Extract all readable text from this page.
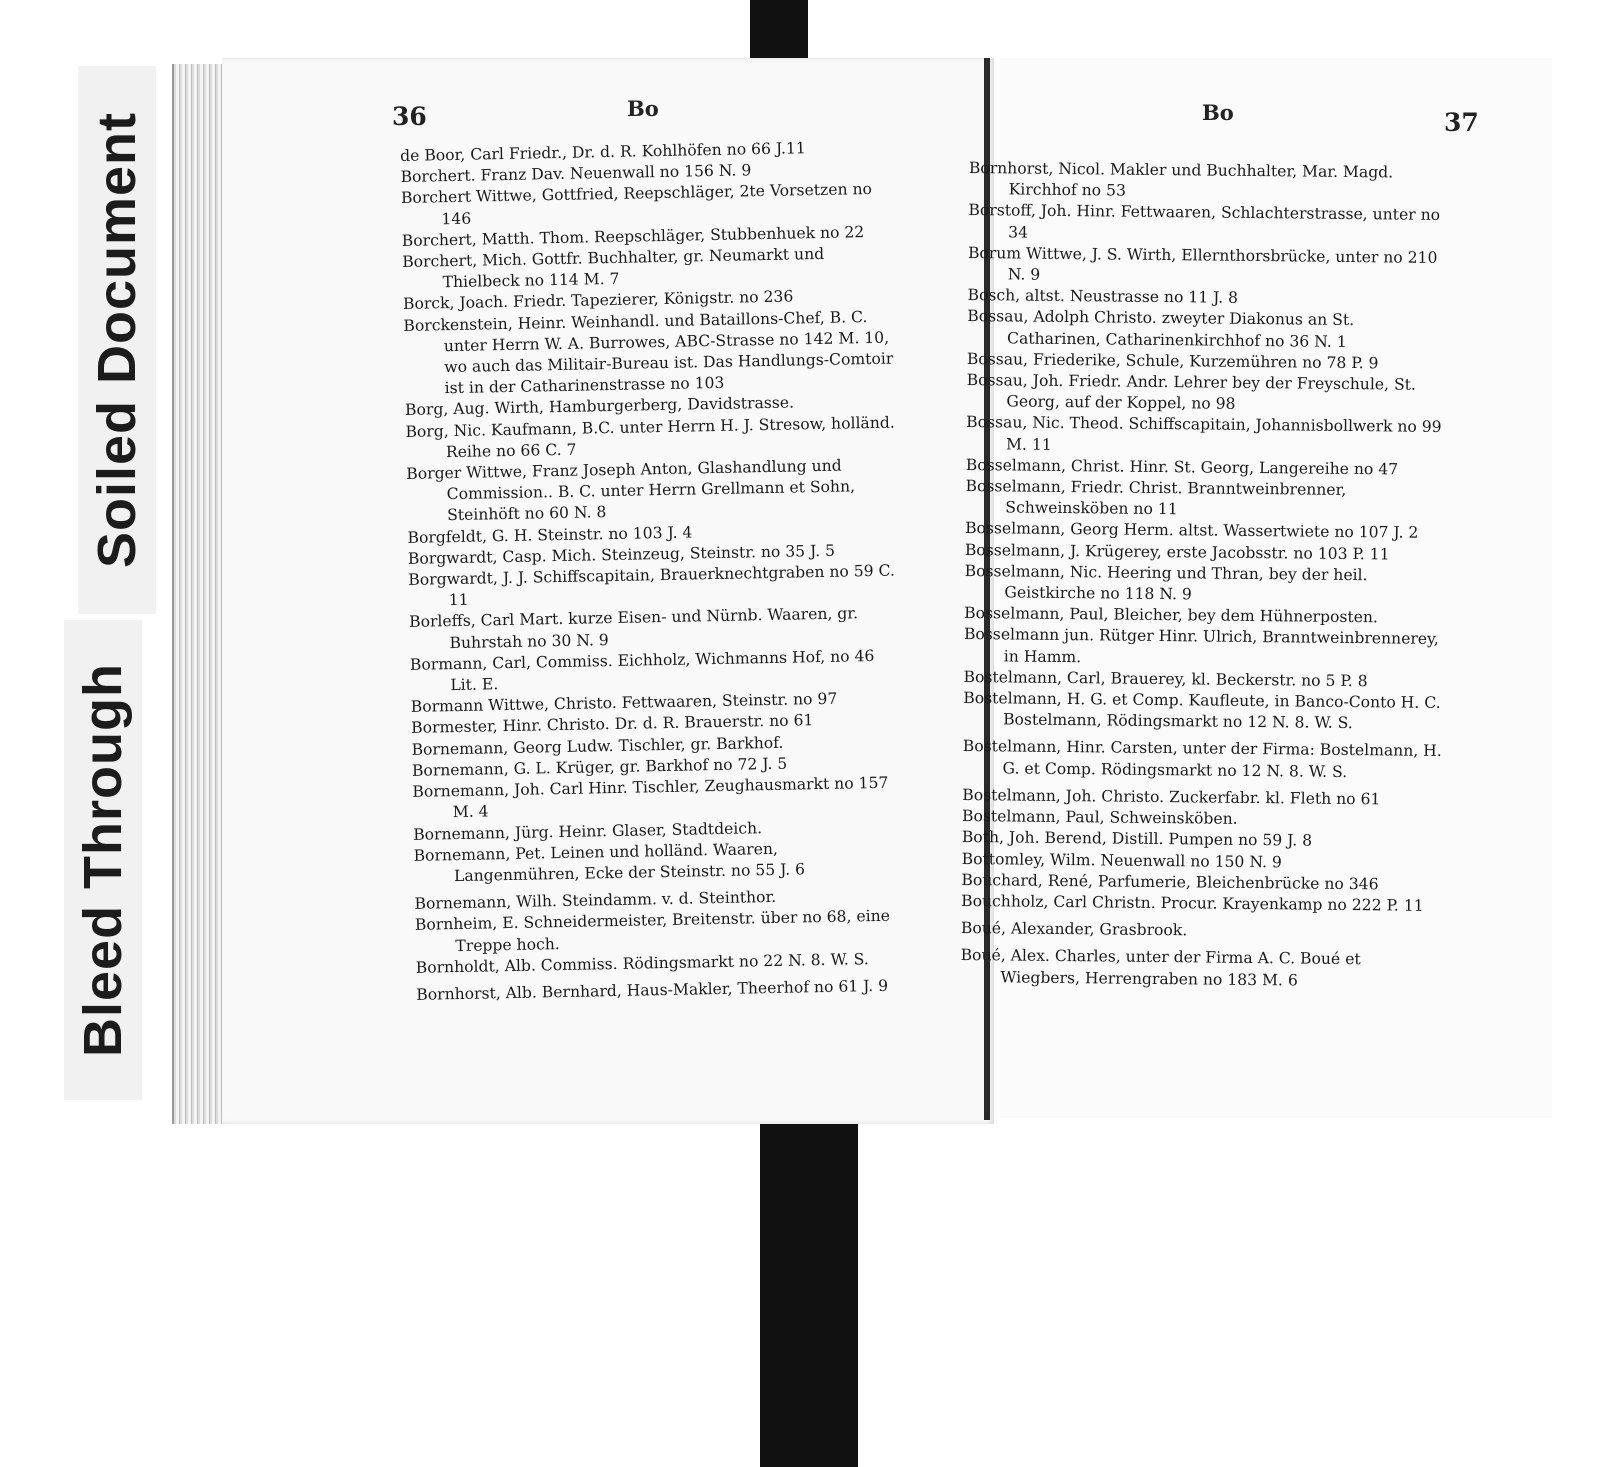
Soiled Document
Bleed Through
36	Bo

de Boor, Carl Friedr., Dr. d. R. Kohlhöfen no 66 J.11

Borchert. Franz Dav. Neuenwall no 156 N. 9

Borchert Wittwe, Gottfried, Reepschläger, 2te Vorsetzen no 146

Borchert, Matth. Thom. Reepschläger, Stubbenhuek no 22

Borchert, Mich. Gottfr. Buchhalter, gr. Neumarkt und Thielbeck no 114 M. 7

Borck, Joach. Friedr. Tapezierer, Königstr. no 236

Borckenstein, Heinr. Weinhandl. und Bataillons-Chef, B. C. unter Herrn W. A. Burrowes, ABC-Strasse no 142 M. 10, wo auch das Militair-Bureau ist. Das Handlungs-Comtoir ist in der Catharinenstrasse no 103

Borg, Aug. Wirth, Hamburgerberg, Davidstrasse.

Borg, Nic. Kaufmann, B.C. unter Herrn H. J. Stresow, holländ. Reihe no 66 C. 7

Borger Wittwe, Franz Joseph Anton, Glashandlung und Commission.. B. C. unter Herrn Grellmann et Sohn, Steinhöft no 60 N. 8

Borgfeldt, G. H. Steinstr. no 103 J. 4

Borgwardt, Casp. Mich. Steinzeug, Steinstr. no 35 J. 5

Borgwardt, J. J. Schiffscapitain, Brauerknechtgraben no 59 C. 11

Borleffs, Carl Mart. kurze Eisen- und Nürnb. Waaren, gr. Buhrstah no 30 N. 9

Bormann, Carl, Commiss. Eichholz, Wichmanns Hof, no 46 Lit. E.

Bormann Wittwe, Christo. Fettwaaren, Steinstr. no 97

Bormester, Hinr. Christo. Dr. d. R. Brauerstr. no 61

Bornemann, Georg Ludw. Tischler, gr. Barkhof.

Bornemann, G. L. Krüger, gr. Barkhof no 72 J. 5

Bornemann, Joh. Carl Hinr. Tischler, Zeughausmarkt no 157 M. 4

Bornemann, Jürg. Heinr. Glaser, Stadtdeich.

Bornemann, Pet. Leinen und holländ. Waaren, Langenmühren, Ecke der Steinstr. no 55 J. 6

Bornemann, Wilh. Steindamm. v. d. Steinthor.

Bornheim, E. Schneidermeister, Breitenstr. über no 68, eine Treppe hoch.

Bornholdt, Alb. Commiss. Rödingsmarkt no 22 N. 8. W. S.

Bornhorst, Alb. Bernhard, Haus-Makler, Theerhof no 61 J. 9

Bo	37

Bornhorst, Nicol. Makler und Buchhalter, Mar. Magd. Kirchhof no 53

Borstoff, Joh. Hinr. Fettwaaren, Schlachterstrasse, unter no 34

Borum Wittwe, J. S. Wirth, Ellernthorsbrücke, unter no 210 N. 9

Bosch, altst. Neustrasse no 11 J. 8

Bossau, Adolph Christo. zweyter Diakonus an St. Catharinen, Catharinenkirchhof no 36 N. 1

Bossau, Friederike, Schule, Kurzemühren no 78 P. 9

Bossau, Joh. Friedr. Andr. Lehrer bey der Freyschule, St. Georg, auf der Koppel, no 98

Bossau, Nic. Theod. Schiffscapitain, Johannisbollwerk no 99 M. 11

Bosselmann, Christ. Hinr. St. Georg, Langereihe no 47

Bosselmann, Friedr. Christ. Branntweinbrenner, Schweinsköben no 11

Bosselmann, Georg Herm. altst. Wassertwiete no 107 J. 2

Bosselmann, J. Krügerey, erste Jacobsstr. no 103 P. 11

Bosselmann, Nic. Heering und Thran, bey der heil. Geistkirche no 118 N. 9

Bosselmann, Paul, Bleicher, bey dem Hühnerposten.

Bosselmann jun. Rütger Hinr. Ulrich, Branntweinbrennerey, in Hamm.

Bostelmann, Carl, Brauerey, kl. Beckerstr. no 5 P. 8

Bostelmann, H. G. et Comp. Kaufleute, in Banco-Conto H. C. Bostelmann, Rödingsmarkt no 12 N. 8. W. S.

Bostelmann, Hinr. Carsten, unter der Firma: Bostelmann, H. G. et Comp. Rödingsmarkt no 12 N. 8. W. S.

Bostelmann, Joh. Christo. Zuckerfabr. kl. Fleth no 61

Bostelmann, Paul, Schweinsköben.

Both, Joh. Berend, Distill. Pumpen no 59 J. 8

Bottomley, Wilm. Neuenwall no 150 N. 9

Bouchard, René, Parfumerie, Bleichenbrücke no 346

Bouchholz, Carl Christn. Procur. Krayenkamp no 222 P. 11

Boué, Alexander, Grasbrook.

Boué, Alex. Charles, unter der Firma A. C. Boué et Wiegbers, Herrengraben no 183 M. 6
